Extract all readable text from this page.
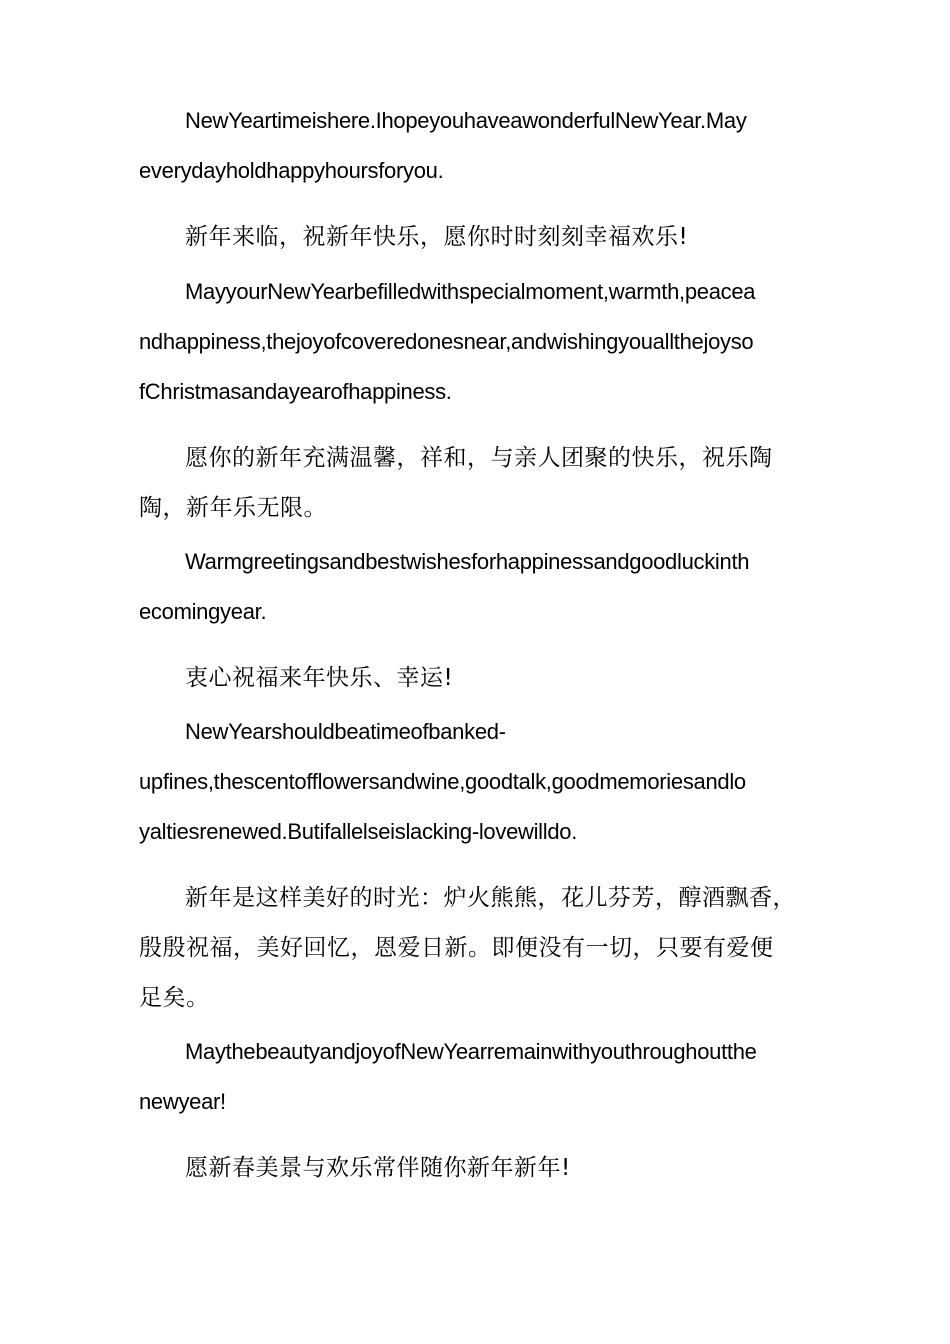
NewYeartimeishere.IhopeyouhaveawonderfulNewYear.May
everydayholdhappyhoursforyou.
新年来临，祝新年快乐，愿你时时刻刻幸福欢乐!
MayyourNewYearbefilledwithspecialmoment,warmth,peacea
ndhappiness,thejoyofcoveredonesnear,andwishingyouallthejoyso
fChristmasandayearofhappiness.
愿你的新年充满温馨，祥和，与亲人团聚的快乐，祝乐陶
陶，新年乐无限。
Warmgreetingsandbestwishesforhappinessandgoodluckinth
ecomingyear.
衷心祝福来年快乐、幸运!
NewYearshouldbeatimeofbanked-
upfines,thescentofflowersandwine,goodtalk,goodmemoriesandlo
yaltiesrenewed.Butifallelseislacking-lovewilldo.
新年是这样美好的时光：炉火熊熊，花儿芬芳，醇酒飘香，
殷殷祝福，美好回忆，恩爱日新。即便没有一切，只要有爱便
足矣。
MaythebeautyandjoyofNewYearremainwithyouthroughoutthe
newyear!
愿新春美景与欢乐常伴随你新年新年!
